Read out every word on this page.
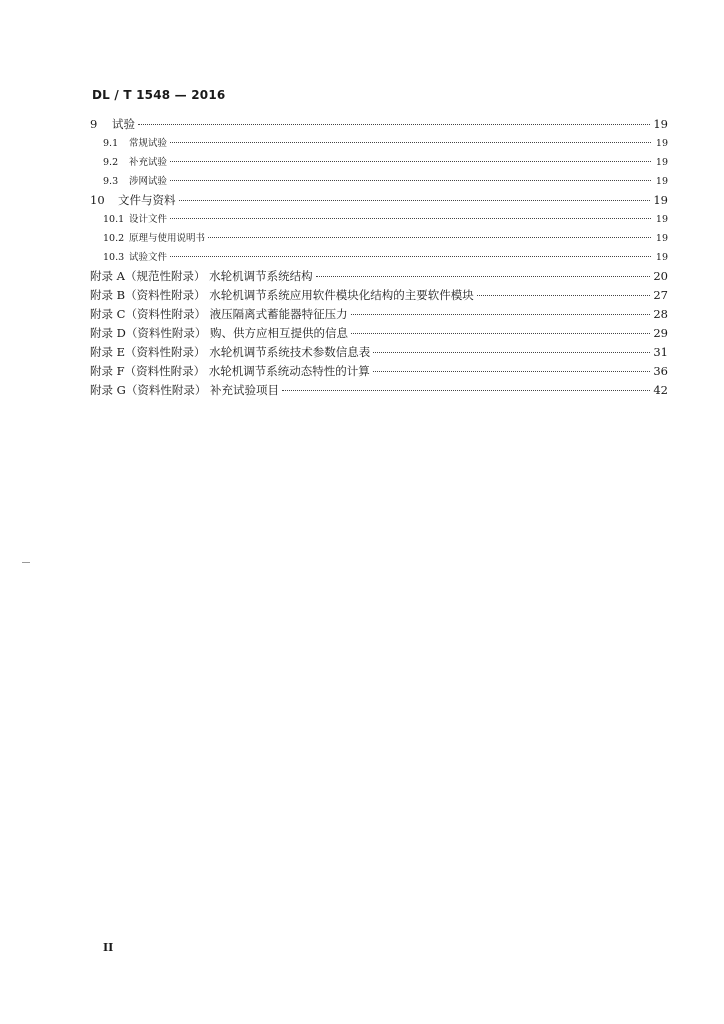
DL / T 1548 — 2016
9	试验	19
9.1	常规试验	19
9.2	补充试验	19
9.3	涉网试验	19
10	文件与资料	19
10.1 设计文件	19
10.2 原理与使用说明书	19
10.3 试验文件	19
附录 A（规范性附录） 水轮机调节系统结构	20
附录 B（资料性附录） 水轮机调节系统应用软件模块化结构的主要软件模块	27
附录 C（资料性附录） 液压隔离式蓄能器特征压力	28
附录 D（资料性附录） 购、供方应相互提供的信息	29
附录 E（资料性附录） 水轮机调节系统技术参数信息表	31
附录 F（资料性附录） 水轮机调节系统动态特性的计算	36
附录 G（资料性附录） 补充试验项目	42
II
